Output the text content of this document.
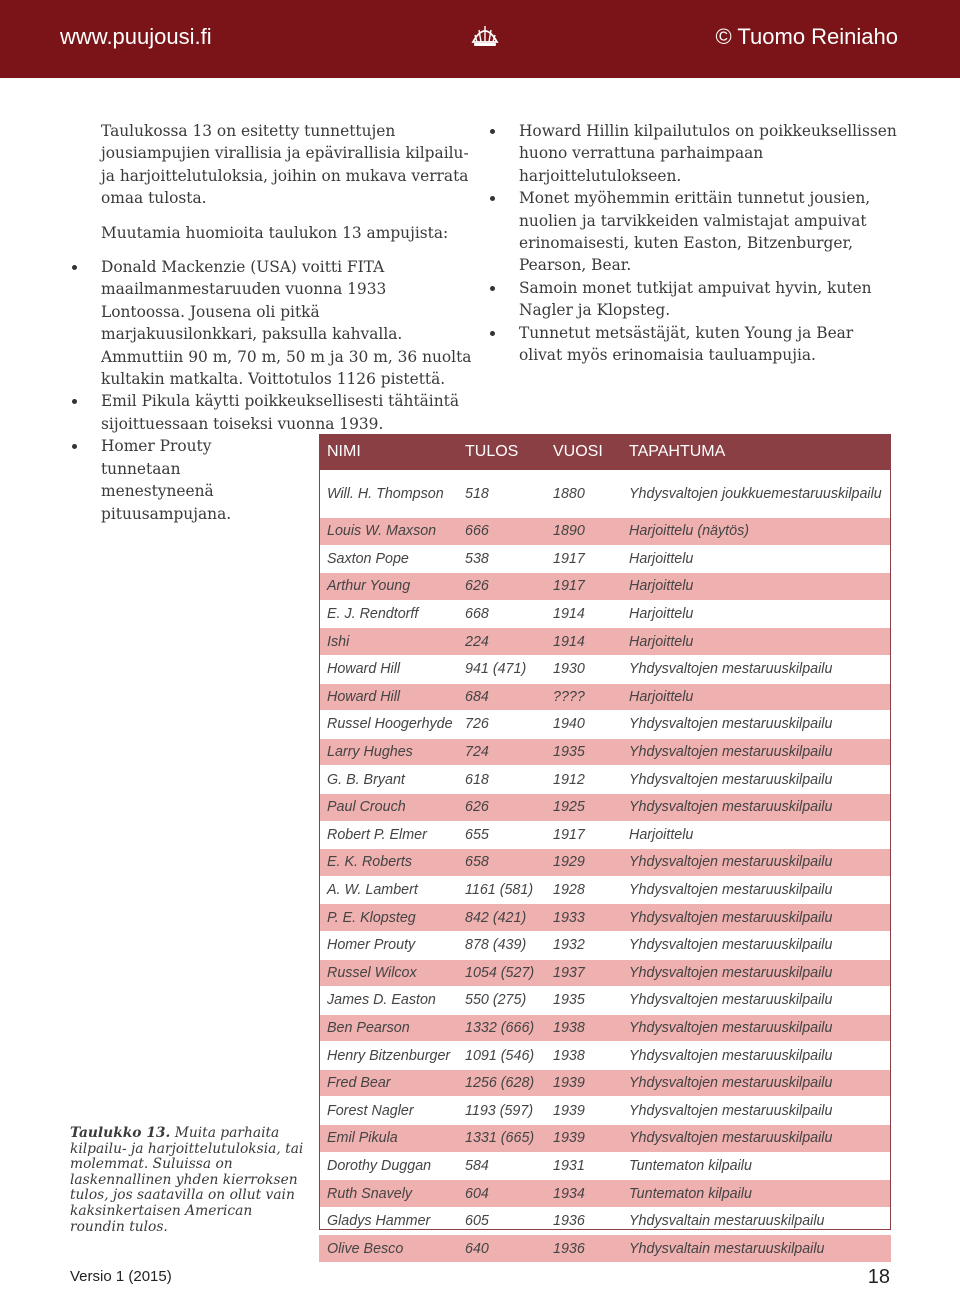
www.puujousi.fi	© Tuomo Reiniaho

Taulukossa 13 on esitetty tunnettujen jousiampujien virallisia ja epävirallisia kilpailu- ja harjoittelutuloksia, joihin on mukava verrata omaa tulosta.

Muutamia huomioita taulukon 13 ampujista:

Donald Mackenzie (USA) voitti FITA maailmanmestaruuden vuonna 1933 Lontoossa. Jousena oli pitkä marjakuusilonkkari, paksulla kahvalla. Ammuttiin 90 m, 70 m, 50 m ja 30 m, 36 nuolta kultakin matkalta. Voittotulos 1126 pistettä.
Emil Pikula käytti poikkeuksellisesti tähtäintä sijoittuessaan toiseksi vuonna 1939.
Homer Prouty tunnetaan menestyneenä pituusampujana.
Howard Hillin kilpailutulos on poikkeuksellissen huono verrattuna parhaimpaan harjoittelutulokseen.
Monet myöhemmin erittäin tunnetut jousien, nuolien ja tarvikkeiden valmistajat ampuivat erinomaisesti, kuten Easton, Bitzenburger, Pearson, Bear.
Samoin monet tutkijat ampuivat hyvin, kuten Nagler ja Klopsteg.
Tunnetut metsästäjät, kuten Young ja Bear olivat myös erinomaisia tauluampujia.
NIMI	TULOS	VUOSI	TAPAHTUMA
Will. H. Thompson	518	1880	Yhdysvaltojen joukkuemestaruuskilpailu
Louis W. Maxson	666	1890	Harjoittelu (näytös)
Saxton Pope	538	1917	Harjoittelu
Arthur Young	626	1917	Harjoittelu
E. J. Rendtorff	668	1914	Harjoittelu
Ishi	224	1914	Harjoittelu
Howard Hill	941 (471)	1930	Yhdysvaltojen mestaruuskilpailu
Howard Hill	684	????	Harjoittelu
Russel Hoogerhyde	726	1940	Yhdysvaltojen mestaruuskilpailu
Larry Hughes	724	1935	Yhdysvaltojen mestaruuskilpailu
G. B. Bryant	618	1912	Yhdysvaltojen mestaruuskilpailu
Paul Crouch	626	1925	Yhdysvaltojen mestaruuskilpailu
Robert P. Elmer	655	1917	Harjoittelu
E. K. Roberts	658	1929	Yhdysvaltojen mestaruuskilpailu
A. W. Lambert	1161 (581)	1928	Yhdysvaltojen mestaruuskilpailu
P. E. Klopsteg	842 (421)	1933	Yhdysvaltojen mestaruuskilpailu
Homer Prouty	878 (439)	1932	Yhdysvaltojen mestaruuskilpailu
Russel Wilcox	1054 (527)	1937	Yhdysvaltojen mestaruuskilpailu
James D. Easton	550 (275)	1935	Yhdysvaltojen mestaruuskilpailu
Ben Pearson	1332 (666)	1938	Yhdysvaltojen mestaruuskilpailu
Henry Bitzenburger	1091 (546)	1938	Yhdysvaltojen mestaruuskilpailu
Fred Bear	1256 (628)	1939	Yhdysvaltojen mestaruuskilpailu
Forest Nagler	1193 (597)	1939	Yhdysvaltojen mestaruuskilpailu
Emil Pikula	1331 (665)	1939	Yhdysvaltojen mestaruuskilpailu
Dorothy Duggan	584	1931	Tuntematon kilpailu
Ruth Snavely	604	1934	Tuntematon kilpailu
Gladys Hammer	605	1936	Yhdysvaltain mestaruuskilpailu
Olive Besco	640	1936	Yhdysvaltain mestaruuskilpailu
Taulukko 13. Muita parhaita kilpailu- ja harjoittelutuloksia, tai molemmat. Suluissa on laskennallinen yhden kierroksen tulos, jos saatavilla on ollut vain kaksinkertaisen American roundin tulos.
Versio 1 (2015)	18
